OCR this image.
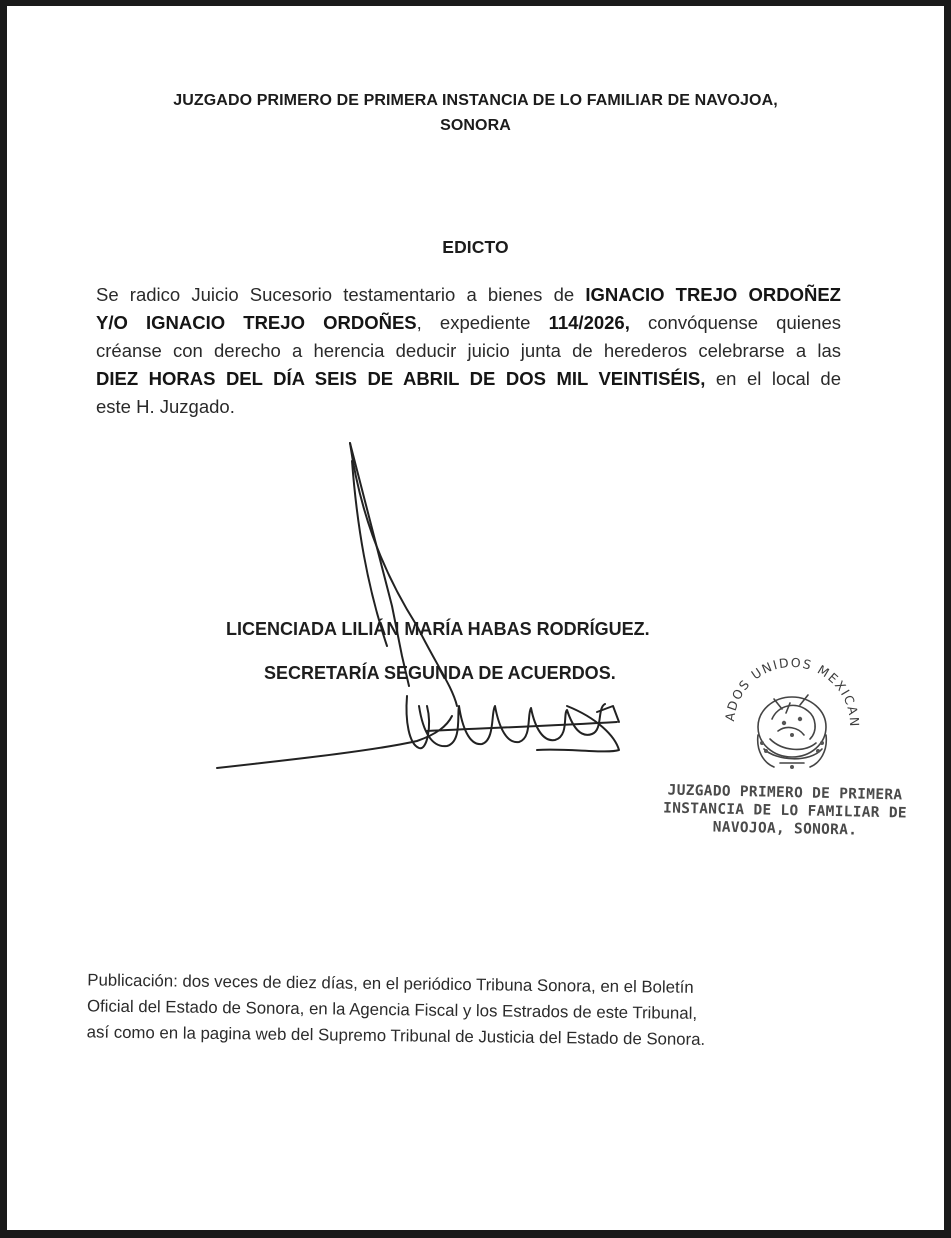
JUZGADO PRIMERO DE PRIMERA INSTANCIA DE LO FAMILIAR DE NAVOJOA,
SONORA
EDICTO
Se radico Juicio Sucesorio testamentario a bienes de IGNACIO TREJO ORDOÑEZ
Y/O IGNACIO TREJO ORDOÑES, expediente 114/2026, convóquense quienes
créanse con derecho a herencia deducir juicio junta de herederos celebrarse a las
DIEZ HORAS DEL DÍA SEIS DE ABRIL DE DOS MIL VEINTISÉIS, en el local de
este H. Juzgado.
LICENCIADA LILIÁN MARÍA HABAS RODRÍGUEZ.
SECRETARÍA SEGUNDA DE ACUERDOS.
ESTADOS UNIDOS MEXICANOS
JUZGADO PRIMERO DE PRIMERA
INSTANCIA DE LO FAMILIAR DE
NAVOJOA, SONORA.
Publicación: dos veces de diez días, en el periódico Tribuna Sonora, en el Boletín
Oficial del Estado de Sonora, en la Agencia Fiscal y los Estrados de este Tribunal,
así como en la pagina web del Supremo Tribunal de Justicia del Estado de Sonora.
